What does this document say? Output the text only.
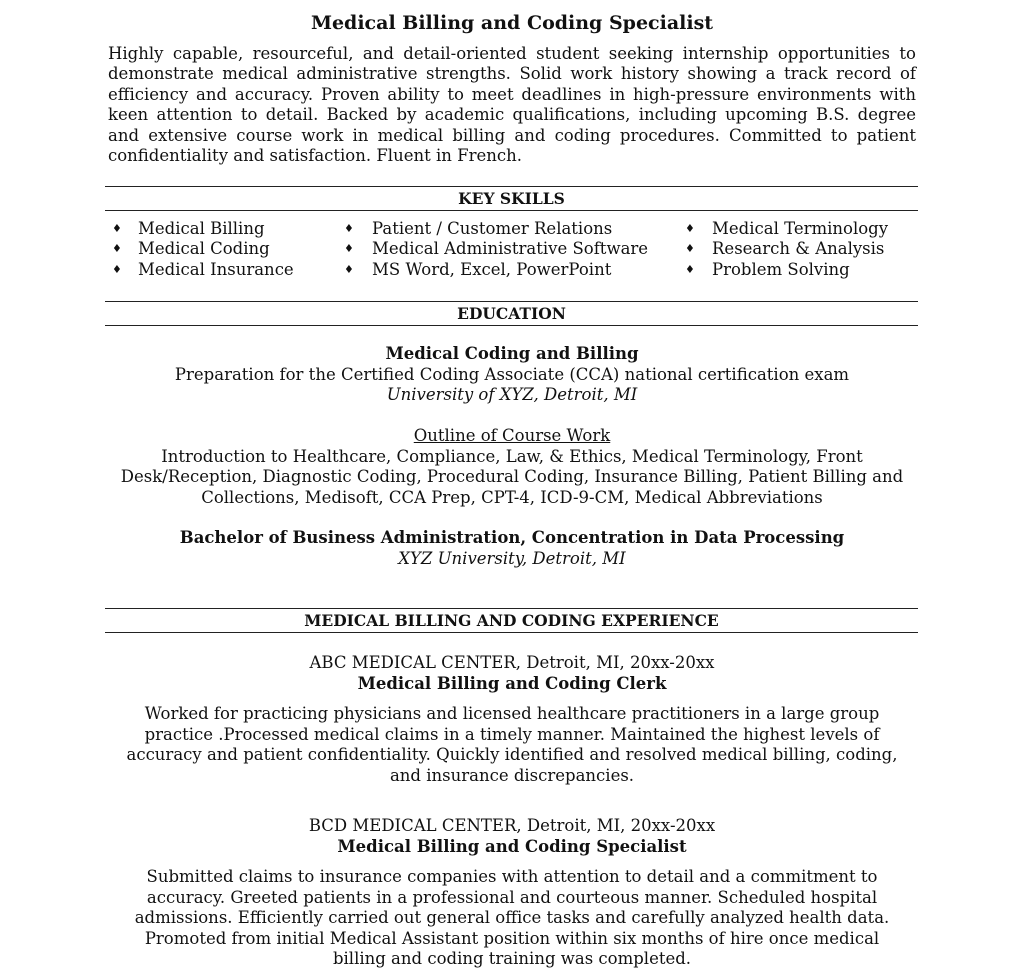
Medical Billing and Coding Specialist
Highly capable, resourceful, and detail-oriented student seeking internship opportunities to
demonstrate medical administrative strengths. Solid work history showing a track record of
efficiency and accuracy. Proven ability to meet deadlines in high-pressure environments with
keen attention to detail. Backed by academic qualifications, including upcoming B.S. degree
and extensive course work in medical billing and coding procedures. Committed to patient
confidentiality and satisfaction. Fluent in French.
KEY SKILLS
♦ Medical Billing
♦ Medical Coding
♦ Medical Insurance
♦ Patient / Customer Relations
♦ Medical Administrative Software
♦ MS Word, Excel, PowerPoint
♦ Medical Terminology
♦ Research & Analysis
♦ Problem Solving
EDUCATION
Medical Coding and Billing
Preparation for the Certified Coding Associate (CCA) national certification exam
University of XYZ, Detroit, MI
Outline of Course Work
Introduction to Healthcare, Compliance, Law, & Ethics, Medical Terminology, Front
Desk/Reception, Diagnostic Coding, Procedural Coding, Insurance Billing, Patient Billing and
Collections, Medisoft, CCA Prep, CPT-4, ICD-9-CM, Medical Abbreviations
Bachelor of Business Administration, Concentration in Data Processing
XYZ University, Detroit, MI
MEDICAL BILLING AND CODING EXPERIENCE
ABC MEDICAL CENTER, Detroit, MI, 20xx-20xx
Medical Billing and Coding Clerk
Worked for practicing physicians and licensed healthcare practitioners in a large group
practice .Processed medical claims in a timely manner. Maintained the highest levels of
accuracy and patient confidentiality. Quickly identified and resolved medical billing, coding,
and insurance discrepancies.
BCD MEDICAL CENTER, Detroit, MI, 20xx-20xx
Medical Billing and Coding Specialist
Submitted claims to insurance companies with attention to detail and a commitment to
accuracy. Greeted patients in a professional and courteous manner. Scheduled hospital
admissions. Efficiently carried out general office tasks and carefully analyzed health data.
Promoted from initial Medical Assistant position within six months of hire once medical
billing and coding training was completed.
